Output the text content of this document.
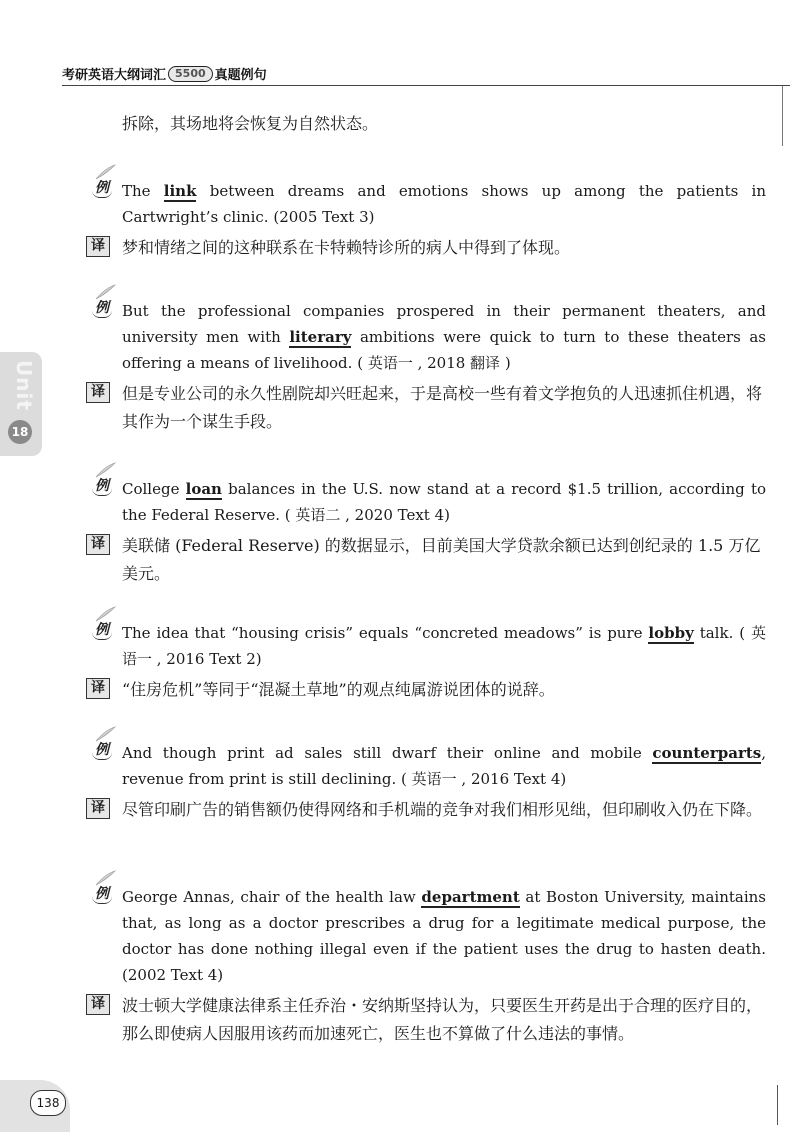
考研英语大纲词汇 5500 真题例句
拆除，其场地将会恢复为自然状态。
Unit
18
例 The link between dreams and emotions shows up among the patients in Cartwright’s clinic. (2005 Text 3)
译	梦和情绪之间的这种联系在卡特赖特诊所的病人中得到了体现。
例 But the professional companies prospered in their permanent theaters, and university men with literary ambitions were quick to turn to these theaters as offering a means of livelihood. ( 英语一 , 2018 翻译 )
译	但是专业公司的永久性剧院却兴旺起来，于是高校一些有着文学抱负的人迅速抓住机遇，将其作为一个谋生手段。
例 College loan balances in the U.S. now stand at a record $1.5 trillion, according to the Federal Reserve. ( 英语二 , 2020 Text 4)
译	美联储 (Federal Reserve) 的数据显示，目前美国大学贷款余额已达到创纪录的 1.5 万亿美元。
例 The idea that “housing crisis” equals “concreted meadows” is pure lobby talk. ( 英语一 , 2016 Text 2)
译	“住房危机”等同于“混凝土草地”的观点纯属游说团体的说辞。
例 And though print ad sales still dwarf their online and mobile counterparts, revenue from print is still declining. ( 英语一 , 2016 Text 4)
译	尽管印刷广告的销售额仍使得网络和手机端的竞争对我们相形见绌，但印刷收入仍在下降。
例 George Annas, chair of the health law department at Boston University, maintains that, as long as a doctor prescribes a drug for a legitimate medical purpose, the doctor has done nothing illegal even if the patient uses the drug to hasten death. (2002 Text 4)
译	波士顿大学健康法律系主任乔治・安纳斯坚持认为，只要医生开药是出于合理的医疗目的，那么即使病人因服用该药而加速死亡，医生也不算做了什么违法的事情。
138
